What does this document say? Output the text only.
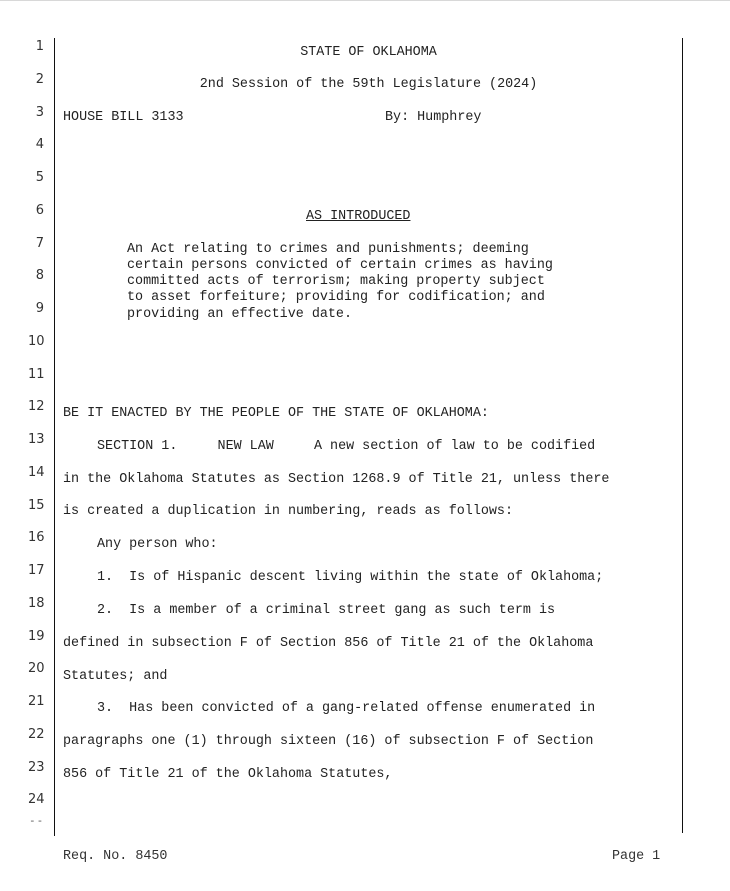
1
2
3
4
5
6
7
8
9
10
11
12
13
14
15
16
17
18
19
20
21
22
23
24
--
STATE OF OKLAHOMA
2nd Session of the 59th Legislature (2024)
HOUSE BILL 3133	By: Humphrey
AS INTRODUCED
An Act relating to crimes and punishments; deeming
certain persons convicted of certain crimes as having
committed acts of terrorism; making property subject
to asset forfeiture; providing for codification; and
providing an effective date.
BE IT ENACTED BY THE PEOPLE OF THE STATE OF OKLAHOMA:
SECTION 1.     NEW LAW     A new section of law to be codified
in the Oklahoma Statutes as Section 1268.9 of Title 21, unless there
is created a duplication in numbering, reads as follows:
Any person who:
1.  Is of Hispanic descent living within the state of Oklahoma;
2.  Is a member of a criminal street gang as such term is
defined in subsection F of Section 856 of Title 21 of the Oklahoma
Statutes; and
3.  Has been convicted of a gang-related offense enumerated in
paragraphs one (1) through sixteen (16) of subsection F of Section
856 of Title 21 of the Oklahoma Statutes,
Req. No. 8450	Page 1
